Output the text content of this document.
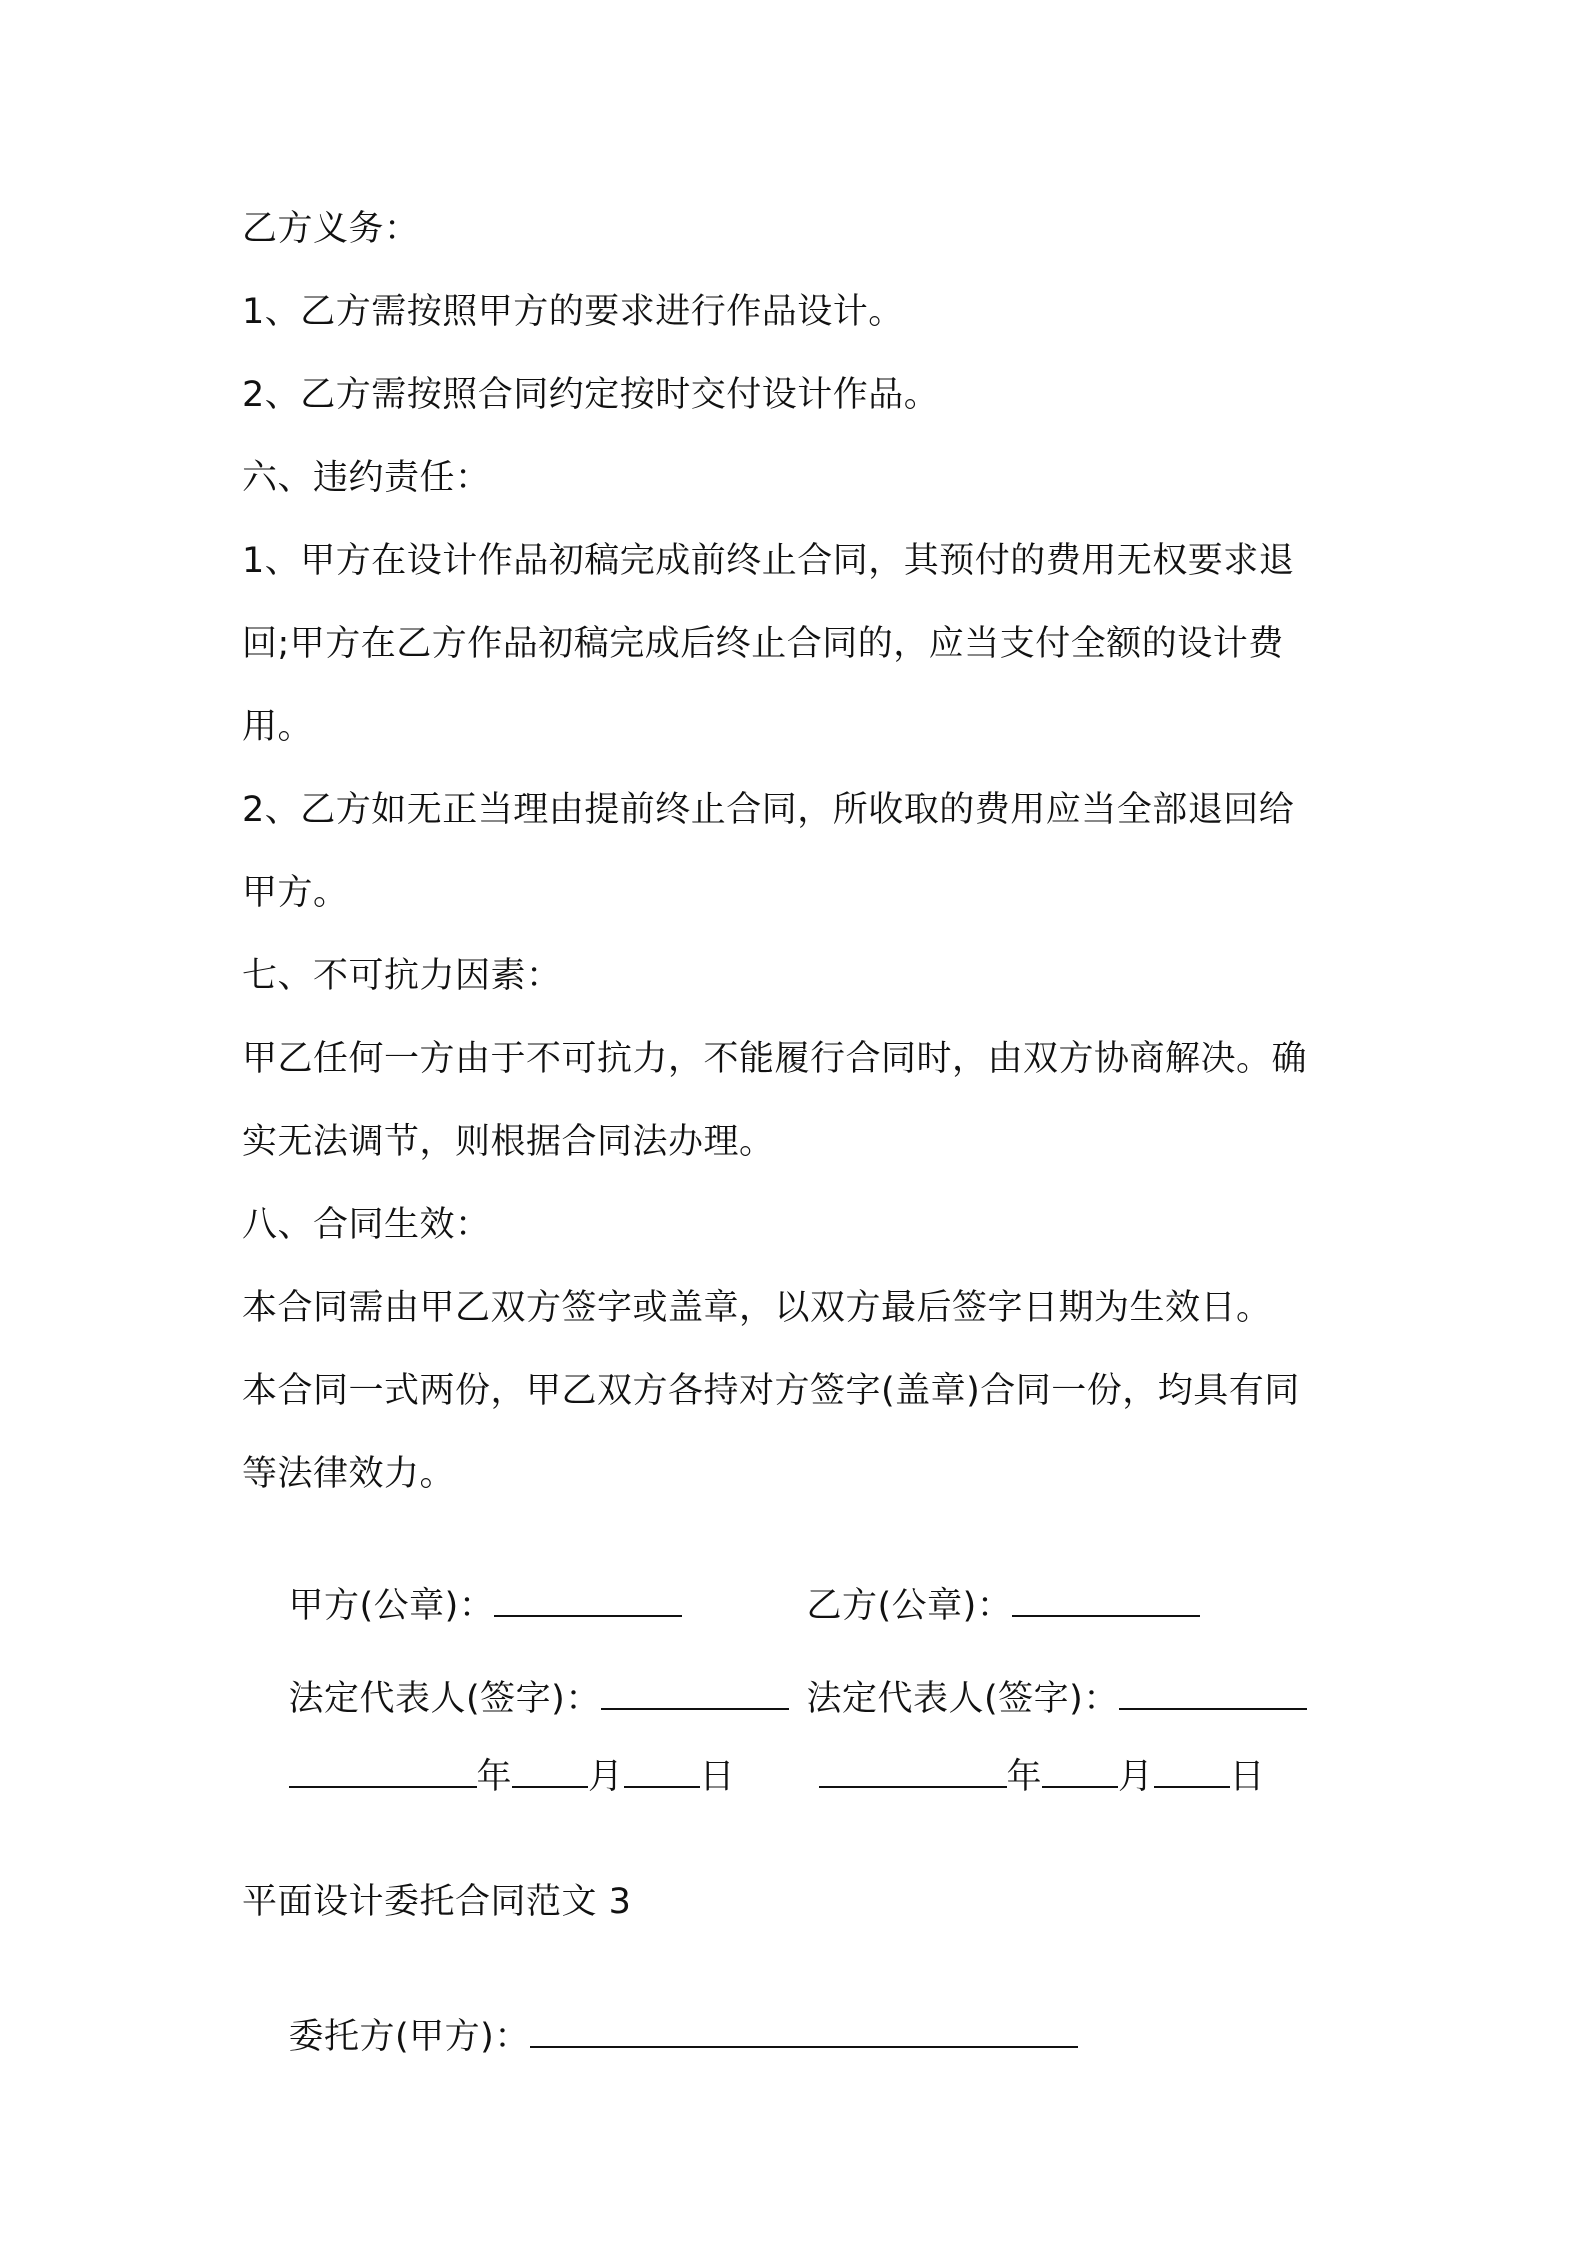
乙方义务：
1、乙方需按照甲方的要求进行作品设计。
2、乙方需按照合同约定按时交付设计作品。
六、违约责任：
1、甲方在设计作品初稿完成前终止合同，其预付的费用无权要求退
回;甲方在乙方作品初稿完成后终止合同的，应当支付全额的设计费
用。
2、乙方如无正当理由提前终止合同，所收取的费用应当全部退回给
甲方。
七、不可抗力因素：
甲乙任何一方由于不可抗力，不能履行合同时，由双方协商解决。确
实无法调节，则根据合同法办理。
八、合同生效：
本合同需由甲乙双方签字或盖章，以双方最后签字日期为生效日。
本合同一式两份，甲乙双方各持对方签字(盖章)合同一份，均具有同
等法律效力。

甲方(公章)：
	乙方(公章)：

法定代表人(签字)：
	法定代表人(签字)：

年 月 日
	年 月 日

平面设计委托合同范文 3

委托方(甲方)：
